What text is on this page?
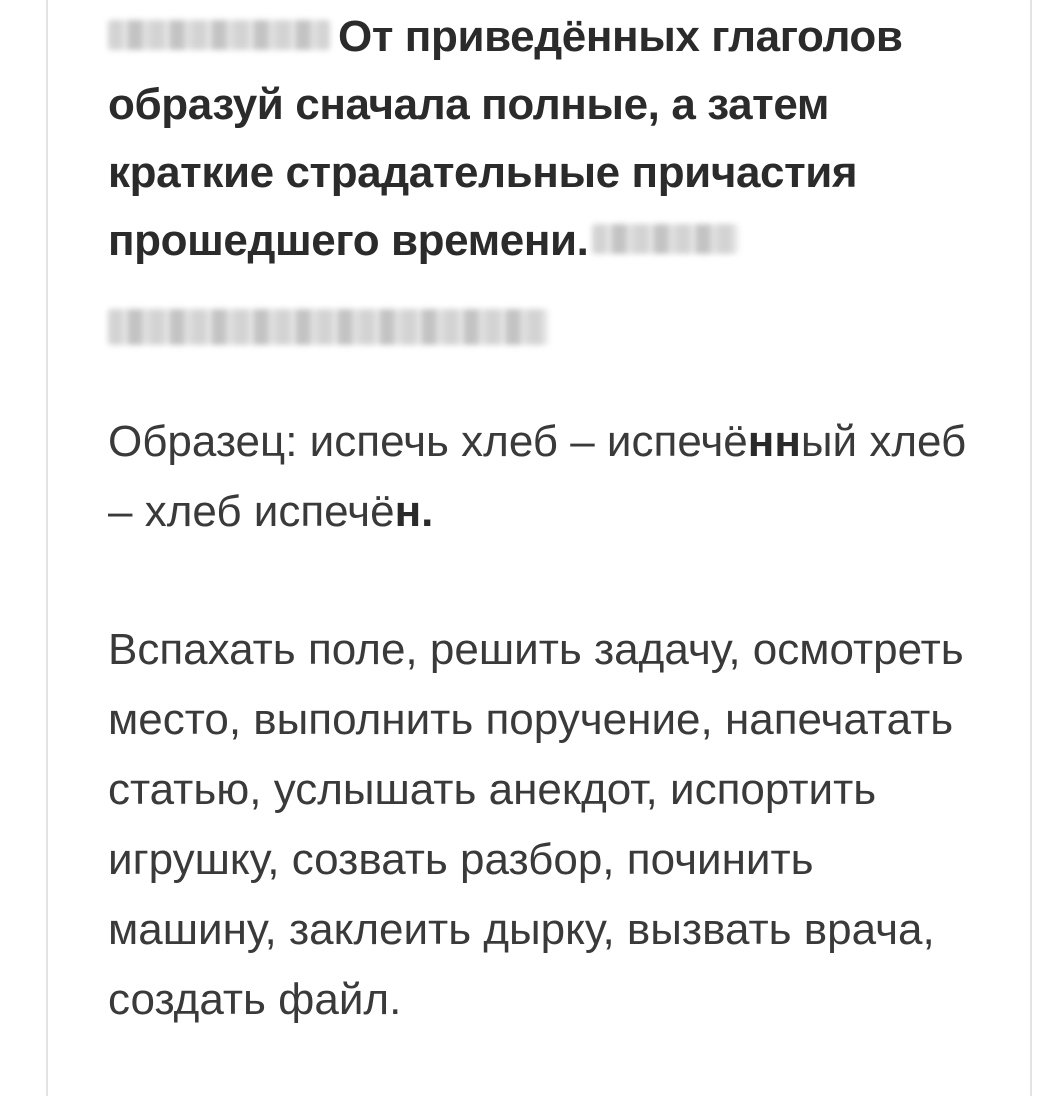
От приведённых глаголов образуй сначала полные, а затем краткие страдательные причастия прошедшего времени.

Образец: испечь хлеб – испечённый хлеб – хлеб испечён.

Вспахать поле, решить задачу, осмотреть место, выполнить поручение, напечатать статью, услышать анекдот, испортить игрушку, созвать разбор, починить машину, заклеить дырку, вызвать врача, создать файл.
